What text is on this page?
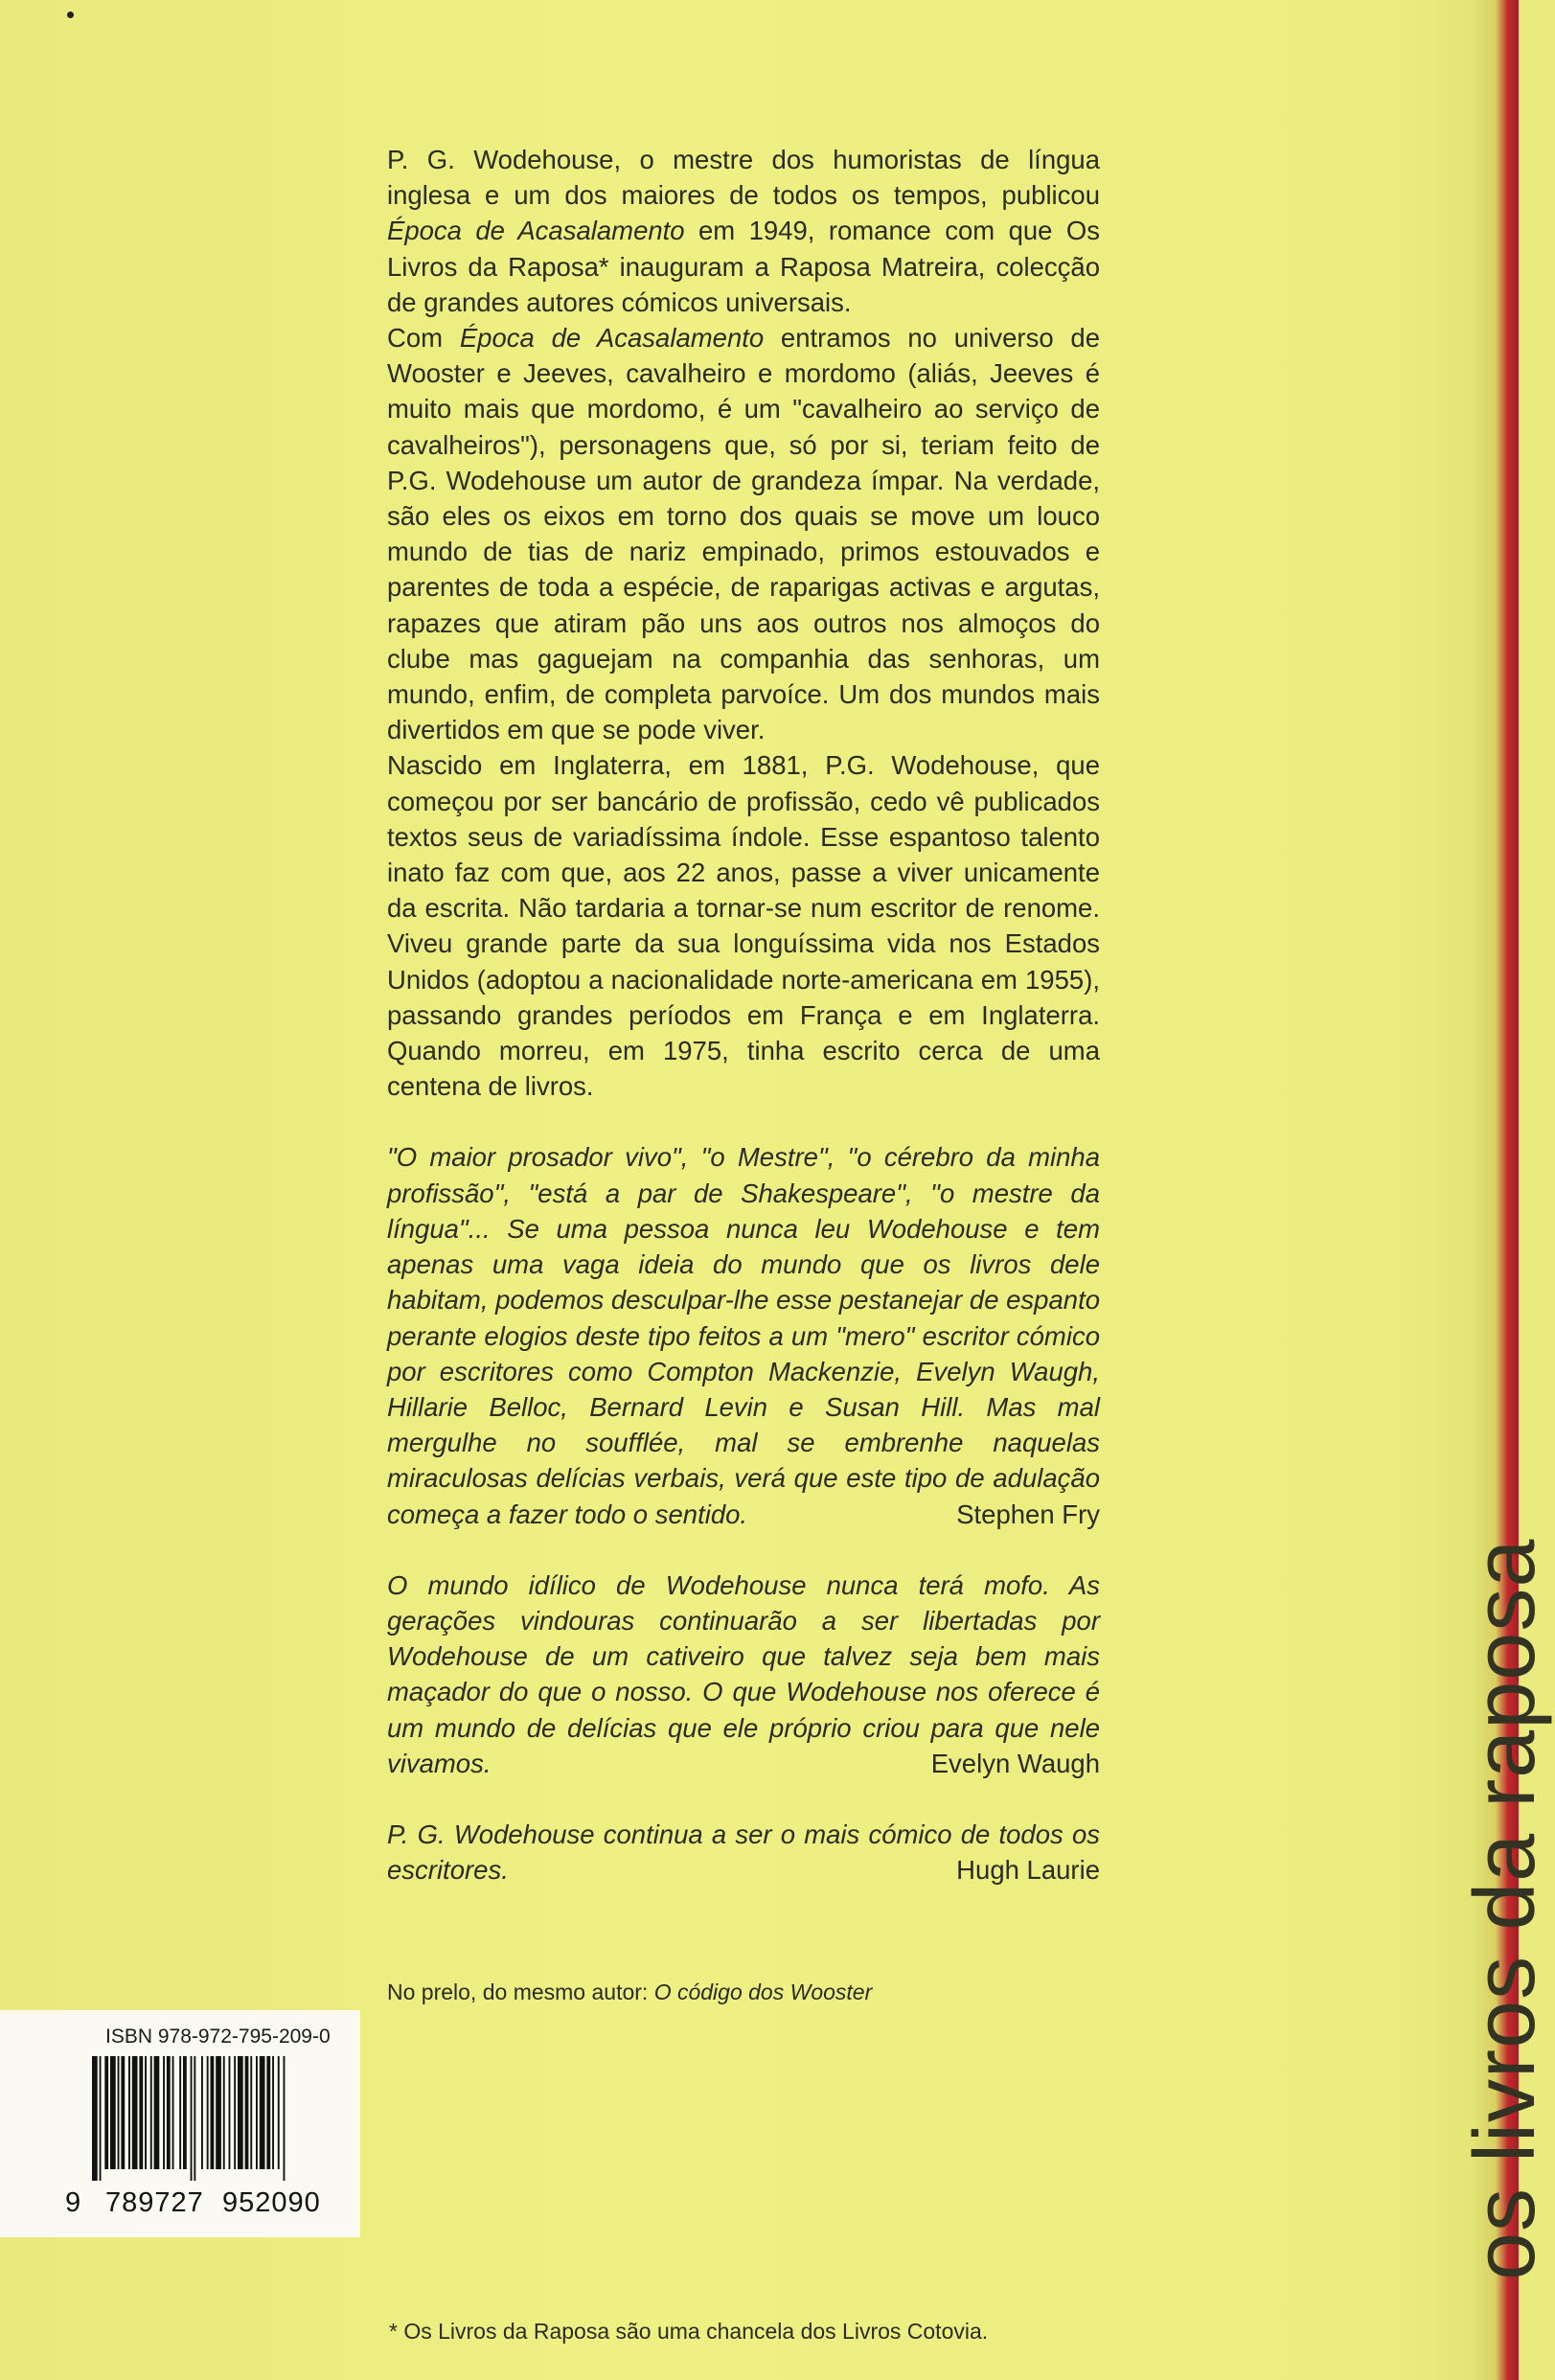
P. G. Wodehouse, o mestre dos humoristas de língua inglesa e um dos maiores de todos os tempos, publicou Época de Acasalamento em 1949, romance com que Os Livros da Raposa* inauguram a Raposa Matreira, colecção de grandes autores cómicos universais.

Com Época de Acasalamento entramos no universo de Wooster e Jeeves, cavalheiro e mordomo (aliás, Jeeves é muito mais que mordomo, é um "cavalheiro ao serviço de cavalheiros"), personagens que, só por si, teriam feito de P.G. Wodehouse um autor de grandeza ímpar. Na verdade, são eles os eixos em torno dos quais se move um louco mundo de tias de nariz empinado, primos estouvados e parentes de toda a espécie, de raparigas activas e argutas, rapazes que atiram pão uns aos outros nos almoços do clube mas gaguejam na companhia das senhoras, um mundo, enfim, de completa parvoíce. Um dos mundos mais divertidos em que se pode viver.

Nascido em Inglaterra, em 1881, P.G. Wodehouse, que começou por ser bancário de profissão, cedo vê publicados textos seus de variadíssima índole. Esse espantoso talento inato faz com que, aos 22 anos, passe a viver unicamente da escrita. Não tardaria a tornar-se num escritor de renome. Viveu grande parte da sua longuíssima vida nos Estados Unidos (adoptou a nacionalidade norte-americana em 1955), passando grandes períodos em França e em Inglaterra. Quando morreu, em 1975, tinha escrito cerca de uma centena de livros.

"O maior prosador vivo", "o Mestre", "o cérebro da minha profissão", "está a par de Shakespeare", "o mestre da língua"... Se uma pessoa nunca leu Wodehouse e tem apenas uma vaga ideia do mundo que os livros dele habitam, podemos desculpar-lhe esse pestanejar de espanto perante elogios deste tipo feitos a um "mero" escritor cómico por escritores como Compton Mackenzie, Evelyn Waugh, Hillarie Belloc, Bernard Levin e Susan Hill. Mas mal mergulhe no soufflée, mal se embrenhe naquelas miraculosas delícias verbais, verá que este tipo de adulação começa a fazer todo o sentido.	Stephen Fry

O mundo idílico de Wodehouse nunca terá mofo. As gerações vindouras continuarão a ser libertadas por Wodehouse de um cativeiro que talvez seja bem mais maçador do que o nosso. O que Wodehouse nos oferece é um mundo de delícias que ele próprio criou para que nele vivamos.	Evelyn Waugh

P. G. Wodehouse continua a ser o mais cómico de todos os escritores.	Hugh Laurie

No prelo, do mesmo autor: O código dos Wooster
ISBN 978-972-795-209-0
9 789727 952090	os livros da raposa
* Os Livros da Raposa são uma chancela dos Livros Cotovia.
